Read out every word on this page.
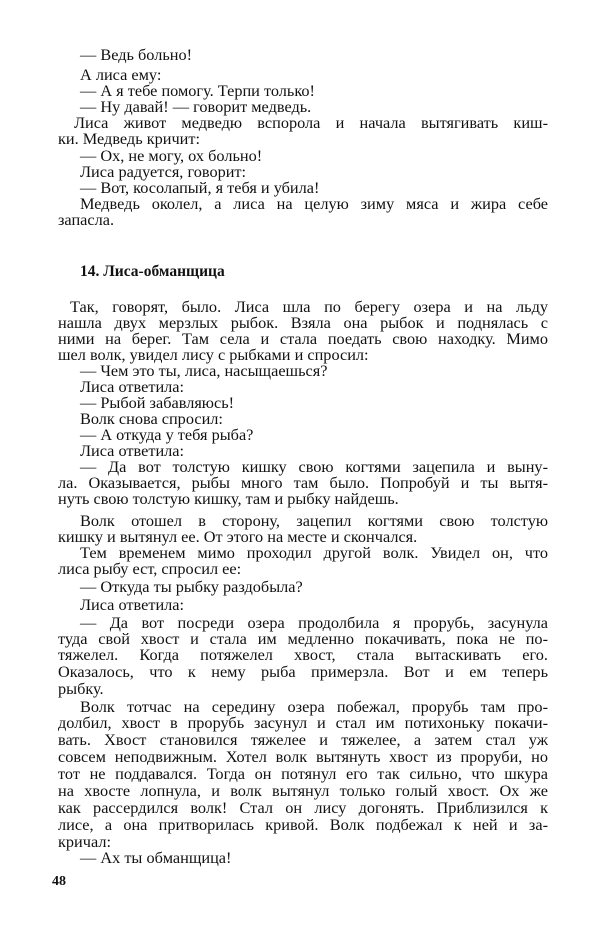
— Ведь больно!
А лиса ему:
— А я тебе помогу. Терпи только!
— Ну давай! — говорит медведь.
Лиса живот медведю вспорола и начала вытягивать киш-
ки. Медведь кричит:
— Ох, не могу, ох больно!
Лиса радуется, говорит:
— Вот, косолапый, я тебя и убила!
Медведь околел, а лиса на целую зиму мяса и жира себе
запасла.
14. Лиса-обманщица
Так, говорят, было. Лиса шла по берегу озера и на льду
нашла двух мерзлых рыбок. Взяла она рыбок и поднялась с
ними на берег. Там села и стала поедать свою находку. Мимо
шел волк, увидел лису с рыбками и спросил:
— Чем это ты, лиса, насыщаешься?
Лиса ответила:
— Рыбой забавляюсь!
Волк снова спросил:
— А откуда у тебя рыба?
Лиса ответила:
— Да вот толстую кишку свою когтями зацепила и выну-
ла. Оказывается, рыбы много там было. Попробуй и ты вытя-
нуть свою толстую кишку, там и рыбку найдешь.
Волк отошел в сторону, зацепил когтями свою толстую
кишку и вытянул ее. От этого на месте и скончался.
Тем временем мимо проходил другой волк. Увидел он, что
лиса рыбу ест, спросил ее:
— Откуда ты рыбку раздобыла?
Лиса ответила:
— Да вот посреди озера продолбила я прорубь, засунула
туда свой хвост и стала им медленно покачивать, пока не по-
тяжелел. Когда потяжелел хвост, стала вытаскивать его.
Оказалось, что к нему рыба примерзла. Вот и ем теперь
рыбку.
Волк тотчас на середину озера побежал, прорубь там про-
долбил, хвост в прорубь засунул и стал им потихоньку покачи-
вать. Хвост становился тяжелее и тяжелее, а затем стал уж
совсем неподвижным. Хотел волк вытянуть хвост из проруби, но
тот не поддавался. Тогда он потянул его так сильно, что шкура
на хвосте лопнула, и волк вытянул только голый хвост. Ох же
как рассердился волк! Стал он лису догонять. Приблизился к
лисе, а она притворилась кривой. Волк подбежал к ней и за-
кричал:
— Ах ты обманщица!
48
